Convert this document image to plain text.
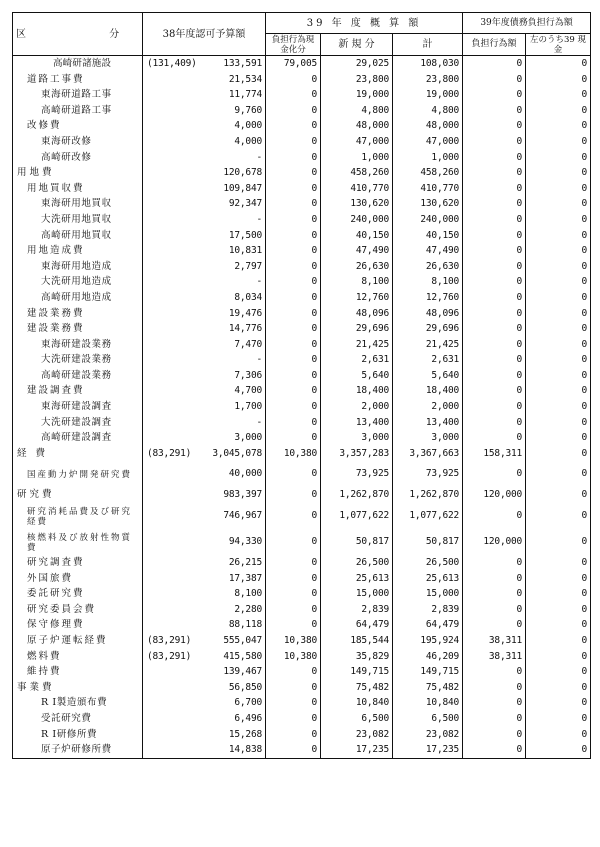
区 分	38年度認可予算額	39 年 度 概 算 額			39年度債務負担行為額	
		負担行為現金化分	新 規 分	計	負担行為額	左のうち39 現 金
高崎研諸施設	(131,409) 133,591	79,005	29,025	108,030	0	0
道路工事費	21,534	0	23,800	23,800	0	0
東海研道路工事	11,774	0	19,000	19,000	0	0
高崎研道路工事	9,760	0	4,800	4,800	0	0
改修費	4,000	0	48,000	48,000	0	0
東海研改修	4,000	0	47,000	47,000	0	0
高崎研改修	-	0	1,000	1,000	0	0
用地費	120,678	0	458,260	458,260	0	0
用地買収費	109,847	0	410,770	410,770	0	0
東海研用地買収	92,347	0	130,620	130,620	0	0
大洗研用地買収	-	0	240,000	240,000	0	0
高崎研用地買収	17,500	0	40,150	40,150	0	0
用地造成費	10,831	0	47,490	47,490	0	0
東海研用地造成	2,797	0	26,630	26,630	0	0
大洗研用地造成	-	0	8,100	8,100	0	0
高崎研用地造成	8,034	0	12,760	12,760	0	0
建設業務費	19,476	0	48,096	48,096	0	0
建設業務費	14,776	0	29,696	29,696	0	0
東海研建設業務	7,470	0	21,425	21,425	0	0
大洗研建設業務	-	0	2,631	2,631	0	0
高崎研建設業務	7,306	0	5,640	5,640	0	0
建設調査費	4,700	0	18,400	18,400	0	0
東海研建設調査	1,700	0	2,000	2,000	0	0
大洗研建設調査	-	0	13,400	13,400	0	0
高崎研建設調査	3,000	0	3,000	3,000	0	0
経 費	(83,291) 3,045,078	10,380	3,357,283	3,367,663	158,311	0
国産動力炉開発研究費	40,000	0	73,925	73,925	0	0
研究費	983,397	0	1,262,870	1,262,870	120,000	0
研究消耗品費及び研究経費	746,967	0	1,077,622	1,077,622	0	0
核燃料及び放射性物質費	94,330	0	50,817	50,817	120,000	0
研究調査費	26,215	0	26,500	26,500	0	0
外国旅費	17,387	0	25,613	25,613	0	0
委託研究費	8,100	0	15,000	15,000	0	0
研究委員会費	2,280	0	2,839	2,839	0	0
保守修理費	88,118	0	64,479	64,479	0	0
原子炉運転経費	(83,291) 555,047	10,380	185,544	195,924	38,311	0
燃料費	(83,291) 415,580	10,380	35,829	46,209	38,311	0
維持費	139,467	0	149,715	149,715	0	0
事業費	56,850	0	75,482	75,482	0	0
R I製造頒布費	6,700	0	10,840	10,840	0	0
受託研究費	6,496	0	6,500	6,500	0	0
R I研修所費	15,268	0	23,082	23,082	0	0
原子炉研修所費	14,838	0	17,235	17,235	0	0
